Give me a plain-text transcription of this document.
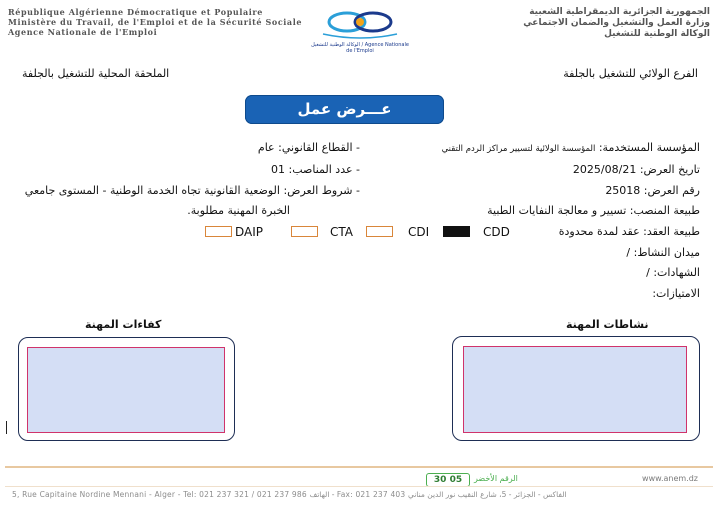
République Algérienne Démocratique et Populaire
Ministère du Travail, de l'Emploi et de la Sécurité Sociale
Agence Nationale de l'Emploi
الوكالة الوطنية للتشغيل / Agence Nationale de l'Emploi
الجمهورية الجزائرية الديمقراطية الشعبية
وزارة العمل والتشغيل والضمان الاجتماعي
الوكالة الوطنية للتشغيل
الفرع الولائي للتشغيل بالجلفة
الملحقة المحلية للتشغيل بالجلفة
عـــرض عمل
المؤسسة المستخدمة: المؤسسة الولائية لتسيير مراكز الردم التقني
تاريخ العرض: 2025/08/21
رقم العرض: 25018
طبيعة المنصب: تسيير و معالجة النفايات الطبية
طبيعة العقد: عقد لمدة محدودة
ميدان النشاط: /
الشهادات: /
الامتيازات:
- القطاع القانوني: عام
- عدد المناصب: 01
- شروط العرض: الوضعية القانونية تجاه الخدمة الوطنية - المستوى جامعي
الخبرة المهنية مطلوبة.
CDD
CDI
CTA
DAIP
نشاطات المهنة
كفاءات المهنة
30 05	الرقم الأخضر	www.anem.dz
5, Rue Capitaine Nordine Mennani - Alger - Tel: 021 237 321 / 021 237 986 الهاتف - Fax: 021 237 403 الفاكس - الجزائر - 5، شارع النقيب نور الدين مناني
